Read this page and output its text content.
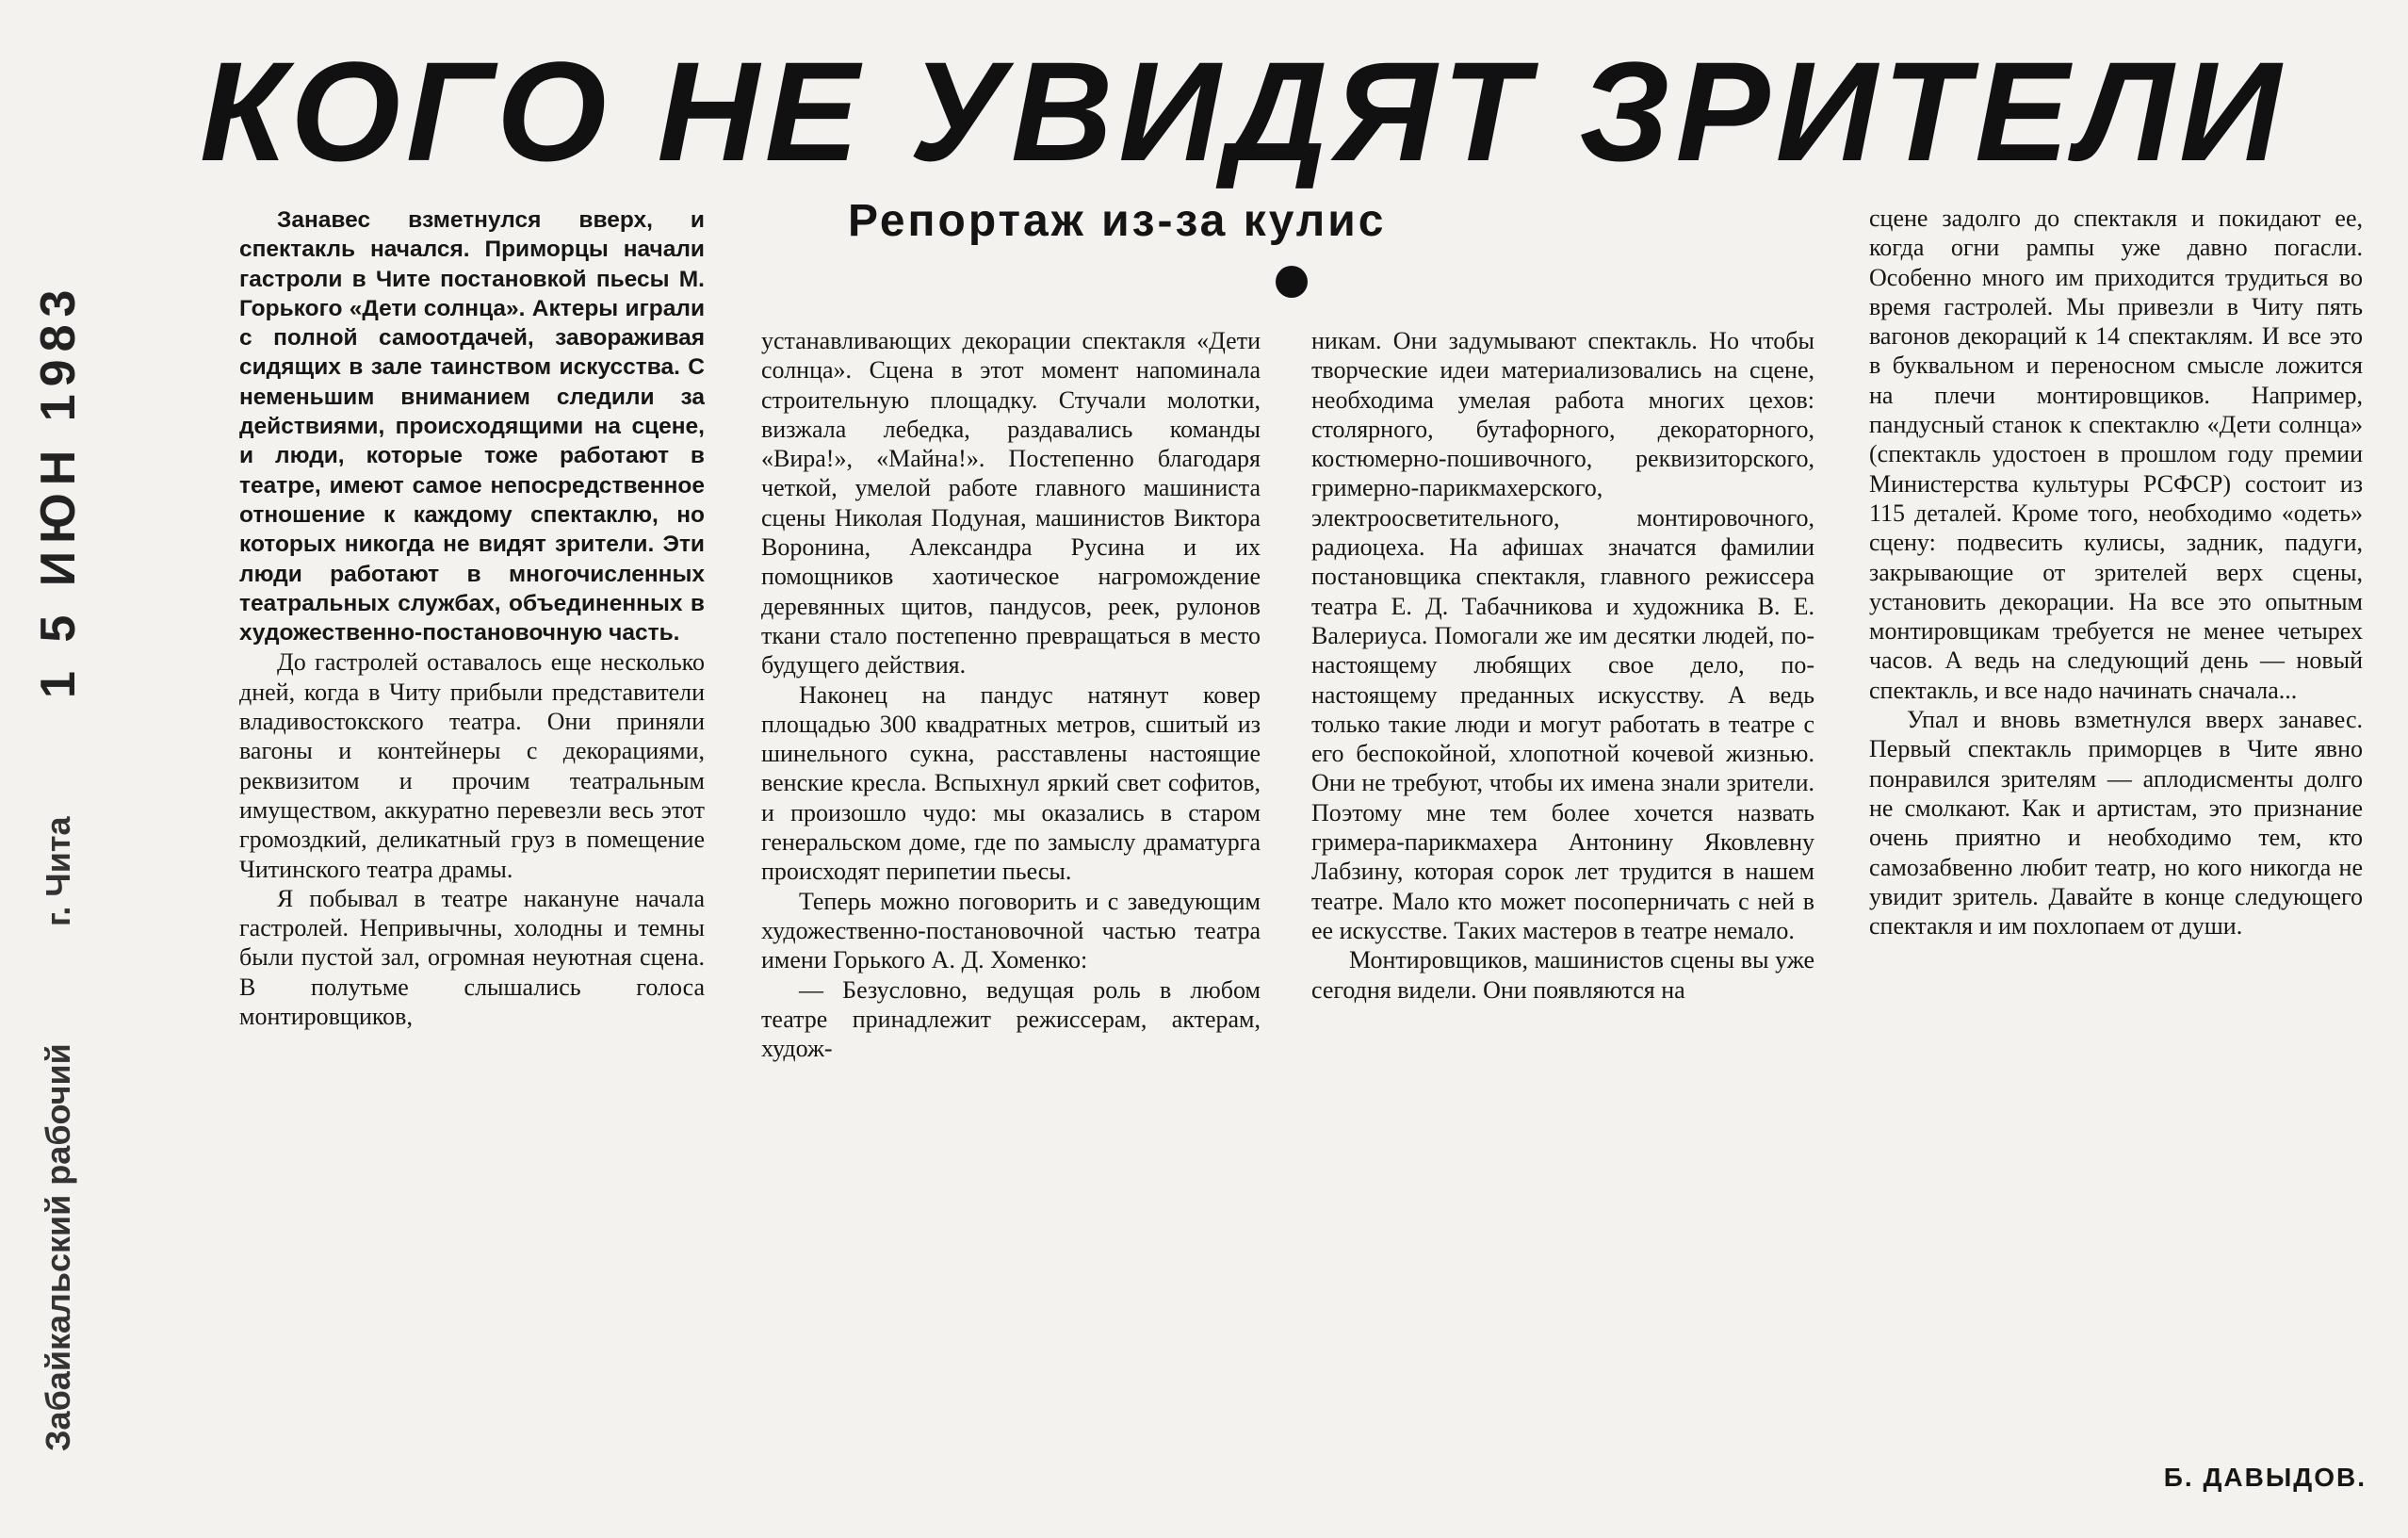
КОГО НЕ УВИДЯТ ЗРИТЕЛИ
Репортаж из-за кулис
Забайкальский рабочий
г. Чита
1 5 ИЮН 1983

Занавес взметнулся вверх, и спектакль начался. Приморцы начали гастроли в Чите постановкой пьесы М. Горького «Дети солнца». Актеры играли с полной самоотдачей, завораживая сидящих в зале таинством искусства. С неменьшим вниманием следили за действиями, происходящими на сцене, и люди, которые тоже работают в театре, имеют самое непосредственное отношение к каждому спектаклю, но которых никогда не видят зрители. Эти люди работают в многочисленных театральных службах, объединенных в художественно-постановочную часть.

До гастролей оставалось еще несколько дней, когда в Читу прибыли представители владивостокского театра. Они приняли вагоны и контейнеры с декорациями, реквизитом и прочим театральным имуществом, аккуратно перевезли весь этот громоздкий, деликатный груз в помещение Читинского театра драмы.

Я побывал в театре накануне начала гастролей. Непривычны, холодны и темны были пустой зал, огромная неуютная сцена. В полутьме слышались голоса монтировщиков,

устанавливающих декорации спектакля «Дети солнца». Сцена в этот момент напоминала строительную площадку. Стучали молотки, визжала лебедка, раздавались команды «Вира!», «Майна!». Постепенно благодаря четкой, умелой работе главного машиниста сцены Николая Подуная, машинистов Виктора Воронина, Александра Русина и их помощников хаотическое нагромождение деревянных щитов, пандусов, реек, рулонов ткани стало постепенно превращаться в место будущего действия.

Наконец на пандус натянут ковер площадью 300 квадратных метров, сшитый из шинельного сукна, расставлены настоящие венские кресла. Вспыхнул яркий свет софитов, и произошло чудо: мы оказались в старом генеральском доме, где по замыслу драматурга происходят перипетии пьесы.

Теперь можно поговорить и с заведующим художественно-постановочной частью театра имени Горького А. Д. Хоменко:

— Безусловно, ведущая роль в любом театре принадлежит режиссерам, актерам, худож-

никам. Они задумывают спектакль. Но чтобы творческие идеи материализовались на сцене, необходима умелая работа многих цехов: столярного, бутафорного, декораторного, костюмерно-пошивочного, реквизиторского, гримерно-парикмахерского, электроосветительного, монтировочного, радиоцеха. На афишах значатся фамилии постановщика спектакля, главного режиссера театра Е. Д. Табачникова и художника В. Е. Валериуса. Помогали же им десятки людей, по-настоящему любящих свое дело, по-настоящему преданных искусству. А ведь только такие люди и могут работать в театре с его беспокойной, хлопотной кочевой жизнью. Они не требуют, чтобы их имена знали зрители. Поэтому мне тем более хочется назвать гримера-парикмахера Антонину Яковлевну Лабзину, которая сорок лет трудится в нашем театре. Мало кто может посоперничать с ней в ее искусстве. Таких мастеров в театре немало.

Монтировщиков, машинистов сцены вы уже сегодня видели. Они появляются на

сцене задолго до спектакля и покидают ее, когда огни рампы уже давно погасли. Особенно много им приходится трудиться во время гастролей. Мы привезли в Читу пять вагонов декораций к 14 спектаклям. И все это в буквальном и переносном смысле ложится на плечи монтировщиков. Например, пандусный станок к спектаклю «Дети солнца» (спектакль удостоен в прошлом году премии Министерства культуры РСФСР) состоит из 115 деталей. Кроме того, необходимо «одеть» сцену: подвесить кулисы, задник, падуги, закрывающие от зрителей верх сцены, установить декорации. На все это опытным монтировщикам требуется не менее четырех часов. А ведь на следующий день — новый спектакль, и все надо начинать сначала...

Упал и вновь взметнулся вверх занавес. Первый спектакль приморцев в Чите явно понравился зрителям — аплодисменты долго не смолкают. Как и артистам, это признание очень приятно и необходимо тем, кто самозабвенно любит театр, но кого никогда не увидит зритель. Давайте в конце следующего спектакля и им похлопаем от души.

Б. ДАВЫДОВ.
